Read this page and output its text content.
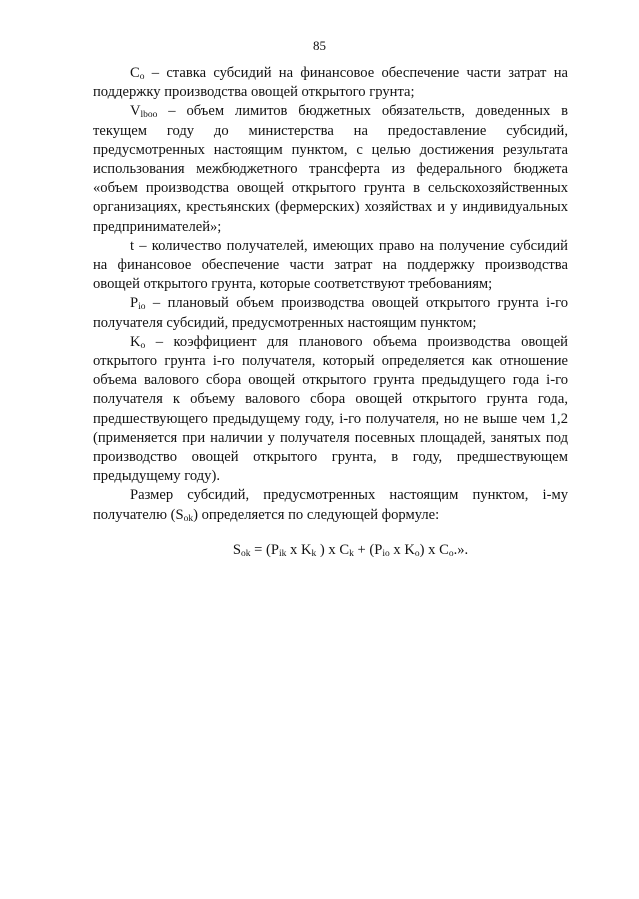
85

$C_o$ – ставка субсидий на финансовое обеспечение части затрат на поддержку производства овощей открытого грунта;

$V_{lboo}$ – объем лимитов бюджетных обязательств, доведенных в текущем году до министерства на предоставление субсидий, предусмотренных настоящим пунктом, с целью достижения результата использования межбюджетного трансферта из федерального бюджета «объем производства овощей открытого грунта в сельскохозяйственных организациях, крестьянских (фермерских) хозяйствах и у индивидуальных предпринимателей»;

t – количество получателей, имеющих право на получение субсидий на финансовое обеспечение части затрат на поддержку производства овощей открытого грунта, которые соответствуют требованиям;

$P_{io}$ – плановый объем производства овощей открытого грунта i-го получателя субсидий, предусмотренных настоящим пунктом;

$K_o$ – коэффициент для планового объема производства овощей открытого грунта i-го получателя, который определяется как отношение объема валового сбора овощей открытого грунта предыдущего года i-го получателя к объему валового сбора овощей открытого грунта года, предшествующего предыдущему году, i-го получателя, но не выше чем 1,2 (применяется при наличии у получателя посевных площадей, занятых под производство овощей открытого грунта, в году, предшествующем предыдущему году).

Размер субсидий, предусмотренных настоящим пунктом, i-му получателю $(S_{ok})$ определяется по следующей формуле:

$S_{ok} = (P_{ik}$ x $K_k$ ) x $C_k + (P_{io}$ x $K_o$) x $C_o$.».
